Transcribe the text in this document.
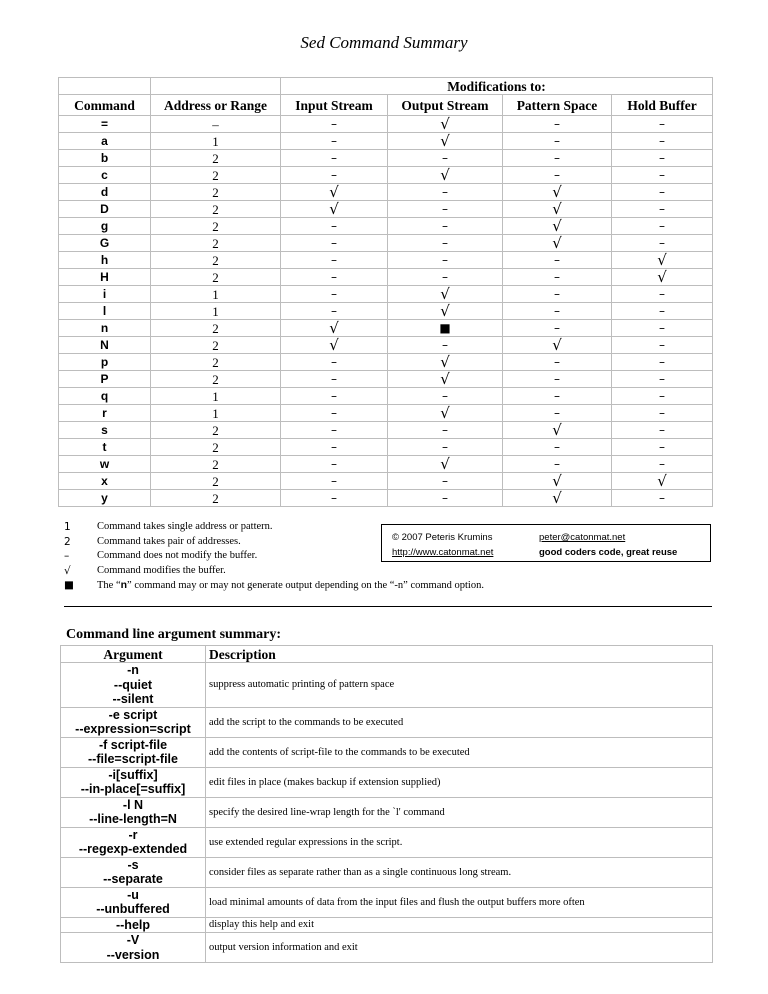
Sed Command Summary
		Modifications to:			
Command	Address or Range	Input Stream	Output Stream	Pattern Space	Hold Buffer
=	–	–	√	–	–
a	1	–	√	–	–
b	2	–	–	–	–
c	2	–	√	–	–
d	2	√	–	√	–
D	2	√	–	√	–
g	2	–	–	√	–
G	2	–	–	√	–
h	2	–	–	–	√
H	2	–	–	–	√
i	1	–	√	–	–
l	1	–	√	–	–
n	2	√	■	–	–
N	2	√	–	√	–
p	2	–	√	–	–
P	2	–	√	–	–
q	1	–	–	–	–
r	1	–	√	–	–
s	2	–	–	√	–
t	2	–	–	–	–
w	2	–	√	–	–
x	2	–	–	√	√
y	2	–	–	√	–
1	Command takes single address or pattern.
2	Command takes pair of addresses.
–	Command does not modify the buffer.
√	Command modifies the buffer.
■	The “n” command may or may not generate output depending on the “-n” command option.
© 2007 Peteris Krumins	peter@catonmat.net
http://www.catonmat.net	good coders code, great reuse
Command line argument summary:
Argument	Description

-n
--quiet
--silent	suppress automatic printing of pattern space

-e script
--expression=script	add the script to the commands to be executed

-f script-file
--file=script-file	add the contents of script-file to the commands to be executed

-i[suffix]
--in-place[=suffix]	edit files in place (makes backup if extension supplied)

-l N
--line-length=N	specify the desired line-wrap length for the `l' command

-r
--regexp-extended	use extended regular expressions in the script.

-s
--separate	consider files as separate rather than as a single continuous long stream.

-u
--unbuffered	load minimal amounts of data from the input files and flush the output buffers more often

--help	display this help and exit

-V
--version	output version information and exit
